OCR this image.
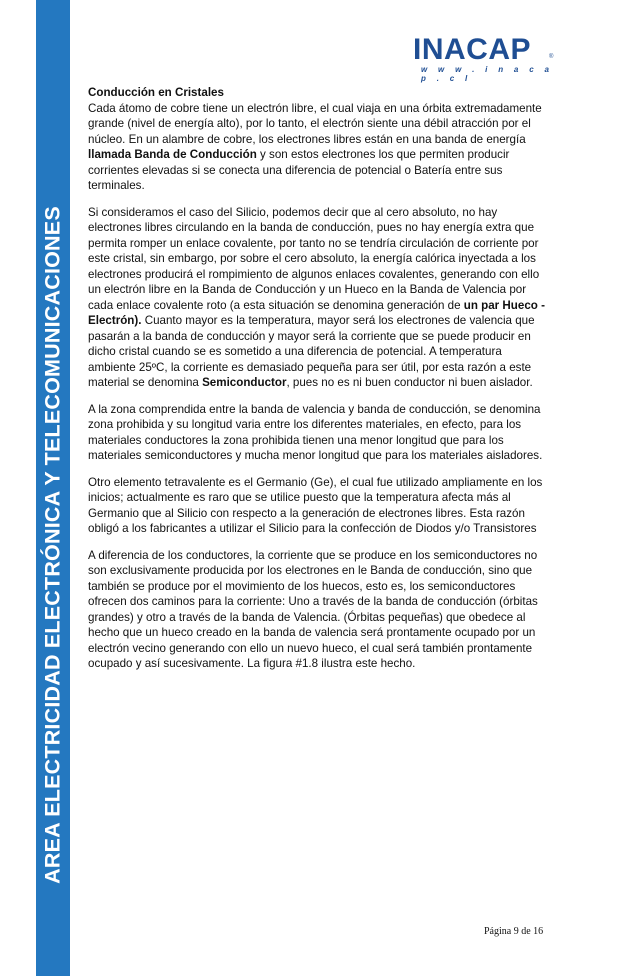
AREA ELECTRICIDAD ELECTRÓNICA Y TELECOMUNICACIONES
INACAP	®
w w w . i n a c a p . c l
Conducción en Cristales

Cada átomo de cobre tiene un electrón libre, el cual viaja en una órbita extremadamente grande (nivel de energía alto), por lo tanto, el electrón siente una débil atracción por el núcleo. En un alambre de cobre, los electrones libres están en una banda de energía llamada Banda de Conducción y son estos electrones los que permiten producir corrientes elevadas si se conecta una diferencia de potencial o Batería entre sus terminales.

Si consideramos el caso del Silicio, podemos decir que al cero absoluto, no hay electrones libres circulando en la banda de conducción, pues no hay energía extra que permita romper un enlace covalente, por tanto no se tendría circulación de corriente por este cristal, sin embargo, por sobre el cero absoluto, la energía calórica inyectada a los electrones producirá el rompimiento de algunos enlaces covalentes, generando con ello un electrón libre en la Banda de Conducción y un Hueco en la Banda de Valencia por cada enlace covalente roto (a esta situación se denomina generación de un par Hueco - Electrón). Cuanto mayor es la temperatura, mayor será los electrones de valencia que pasarán a la banda de conducción y mayor será la corriente que se puede producir en dicho cristal cuando se es sometido a una diferencia de potencial. A temperatura ambiente 25ºC, la corriente es demasiado pequeña para ser útil, por esta razón a este material se denomina Semiconductor, pues no es ni buen conductor ni buen aislador.

A la zona comprendida entre la banda de valencia y banda de conducción, se denomina zona prohibida y su longitud varia entre los diferentes materiales, en efecto, para los materiales conductores la zona prohibida tienen una menor longitud que para los materiales semiconductores y mucha menor longitud que para los materiales aisladores.

Otro elemento tetravalente es el Germanio (Ge), el cual fue utilizado ampliamente en los inicios; actualmente es raro que se utilice puesto que la temperatura afecta más al Germanio que al Silicio con respecto a la generación de electrones libres. Esta razón obligó a los fabricantes a utilizar el Silicio para la confección de Diodos y/o Transistores

A diferencia de los conductores, la corriente que se produce en los semiconductores no son exclusivamente producida por los electrones en le Banda de conducción, sino que también se produce por el movimiento de los huecos, esto es, los semiconductores ofrecen dos caminos para la corriente: Uno a través de la banda de conducción (órbitas grandes) y otro a través de la banda de Valencia. (Órbitas pequeñas) que obedece al hecho que un hueco creado en la banda de valencia será prontamente ocupado por un electrón vecino generando con ello un nuevo hueco, el cual será también prontamente ocupado y así sucesivamente. La figura #1.8 ilustra este hecho.

Página 9 de 16
